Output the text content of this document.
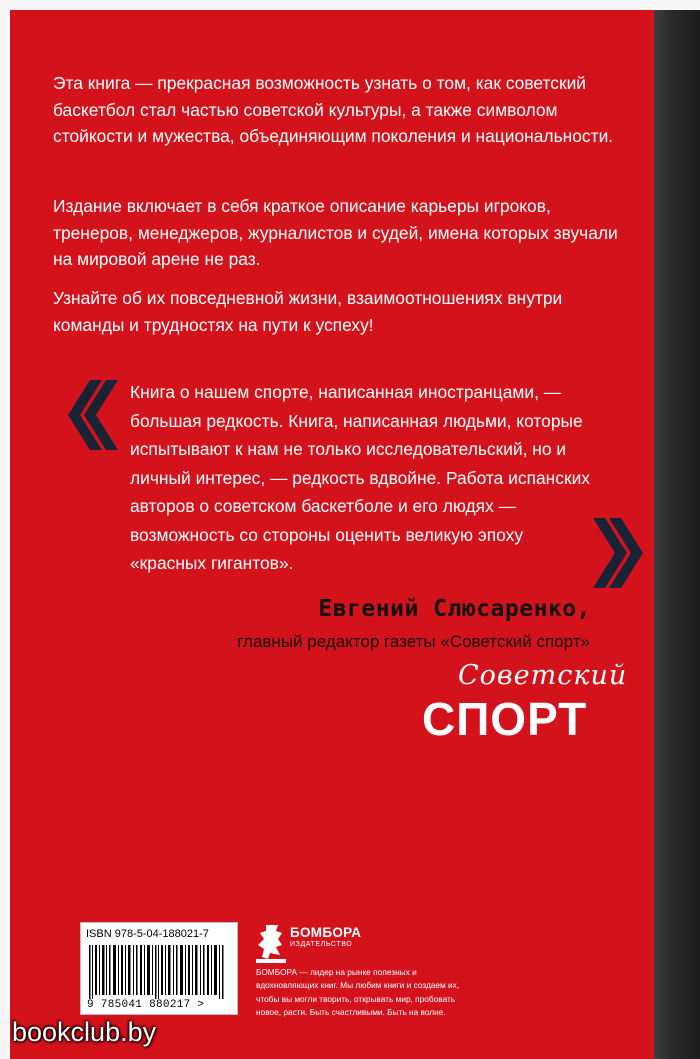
Эта книга — прекрасная возможность узнать о том, как советский баскетбол стал частью советской культуры, а также символом стойкости и мужества, объединяющим поколения и национальности.

Издание включает в себя краткое описание карьеры игроков, тренеров, менеджеров, журналистов и судей, имена которых звучали на мировой арене не раз.

Узнайте об их повседневной жизни, взаимоотношениях внутри команды и трудностях на пути к успеху!

Книга о нашем спорте, написанная иностранцами, — большая редкость. Книга, написанная людьми, которые испытывают к нам не только исследовательский, но и личный интерес, — редкость вдвойне. Работа испанских авторов о советском баскетболе и его людях — возможность со стороны оценить великую эпоху «красных гигантов».

Евгений Слюсаренко,
главный редактор газеты «Советский спорт»
Советский
СПОРТ
ISBN 978-5-04-188021-7
9 785041 880217 >
БОМБОРА
ИЗДАТЕЛЬСТВО

БОМБОРА — лидер на рынке полезных и вдохновляющих книг. Мы любим книги и создаем их, чтобы вы могли творить, открывать мир, пробовать новое, расти. Быть счастливыми. Быть на волне.

bookclub.by
